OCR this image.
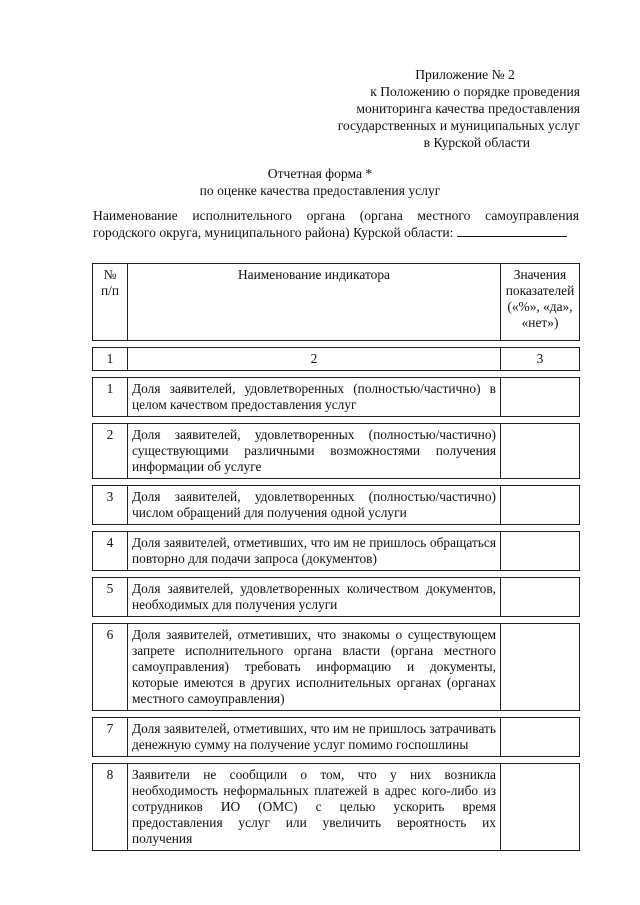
Приложение № 2
к Положению о порядке проведения
мониторинга качества предоставления
государственных и муниципальных услуг
в Курской области
Отчетная форма *
по оценке качества предоставления услуг
Наименование исполнительного органа (органа местного самоуправления городского округа, муниципального района) Курской области:
№ п/п	Наименование индикатора	Значения показателей («%», «да», «нет»)
1	2	3
1	Доля заявителей, удовлетворенных (полностью/частично) в целом качеством предоставления услуг	
2	Доля заявителей, удовлетворенных (полностью/частично) существующими различными возможностями получения информации об услуге	
3	Доля заявителей, удовлетворенных (полностью/частично) числом обращений для получения одной услуги	
4	Доля заявителей, отметивших, что им не пришлось обращаться повторно для подачи запроса (документов)	
5	Доля заявителей, удовлетворенных количеством документов, необходимых для получения услуги	
6	Доля заявителей, отметивших, что знакомы о существующем запрете исполнительного органа власти (органа местного самоуправления) требовать информацию и документы, которые имеются в других исполнительных органах (органах местного самоуправления)	
7	Доля заявителей, отметивших, что им не пришлось затрачивать денежную сумму на получение услуг помимо госпошлины	
8	Заявители не сообщили о том, что у них возникла необходимость неформальных платежей в адрес кого-либо из сотрудников ИО (ОМС) с целью ускорить время предоставления услуг или увеличить вероятность их получения	
